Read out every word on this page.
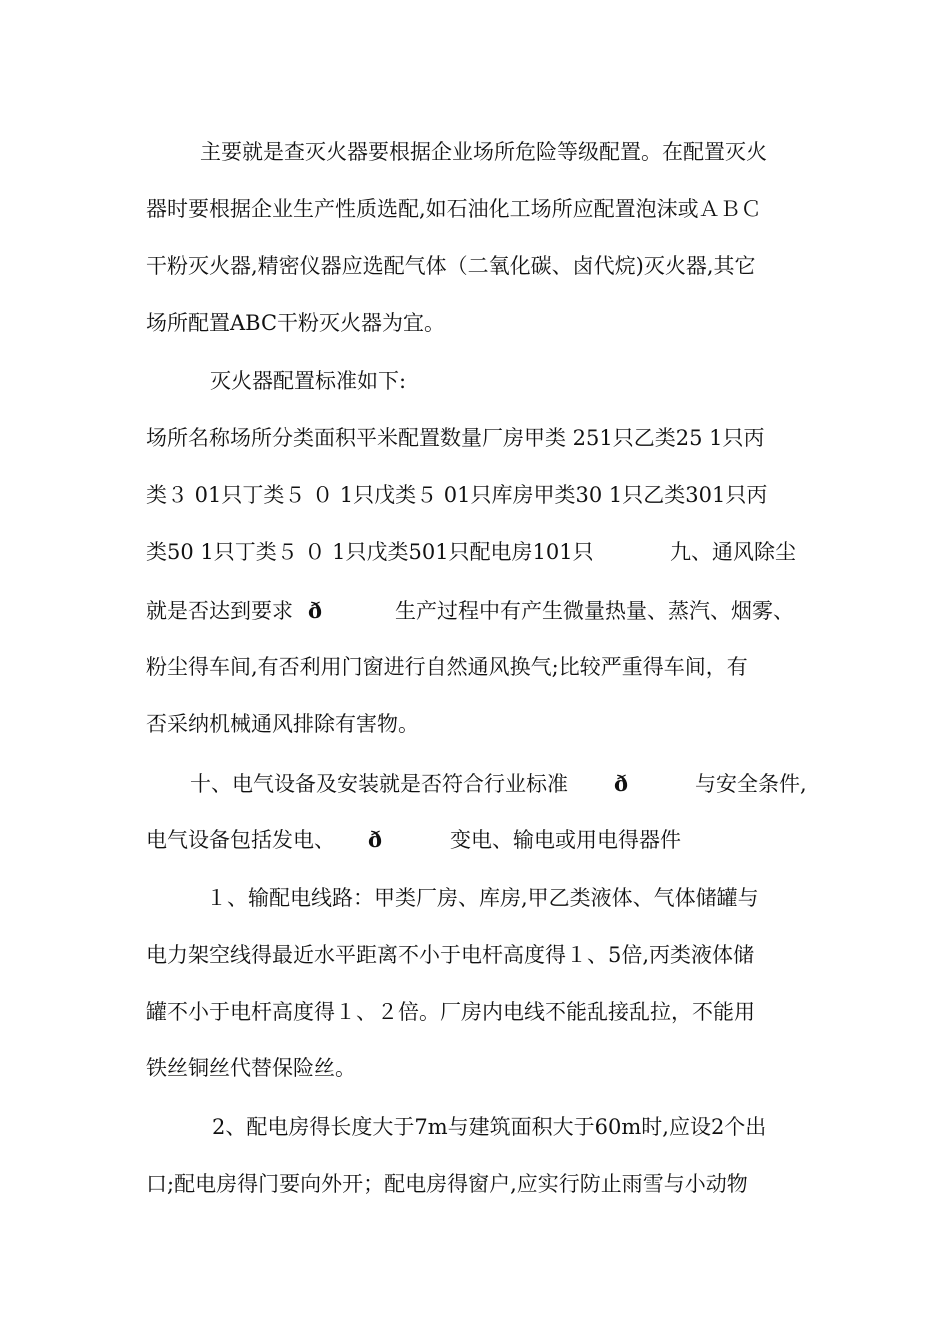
主要就是查灭火器要根据企业场所危险等级配置。在配置灭火
器时要根据企业生产性质选配,如石油化工场所应配置泡沫或ＡＢＣ
干粉灭火器,精密仪器应选配气体（二氧化碳、卤代烷)灭火器,其它
场所配置ABC干粉灭火器为宜。
灭火器配置标准如下:
场所名称场所分类面积平米配置数量厂房甲类 251只乙类25 1只丙
类３ 01只丁类５ ０ 1只戊类５ 01只库房甲类30 1只乙类301只丙
类50 1只丁类５ ０ 1只戊类501只配电房101只	九、通风除尘
就是否达到要求 ð	生产过程中有产生微量热量、蒸汽、烟雾、
粉尘得车间,有否利用门窗进行自然通风换气;比较严重得车间，有
否采纳机械通风排除有害物。
十、电气设备及安装就是否符合行业标准 ð	与安全条件,
电气设备包括发电、 ð	变电、输电或用电得器件
１、输配电线路：甲类厂房、库房,甲乙类液体、气体储罐与
电力架空线得最近水平距离不小于电杆高度得１、5倍,丙类液体储
罐不小于电杆高度得１、２倍。厂房内电线不能乱接乱拉，不能用
铁丝铜丝代替保险丝。
2、配电房得长度大于7m与建筑面积大于60m时,应设2个出
口;配电房得门要向外开；配电房得窗户,应实行防止雨雪与小动物
